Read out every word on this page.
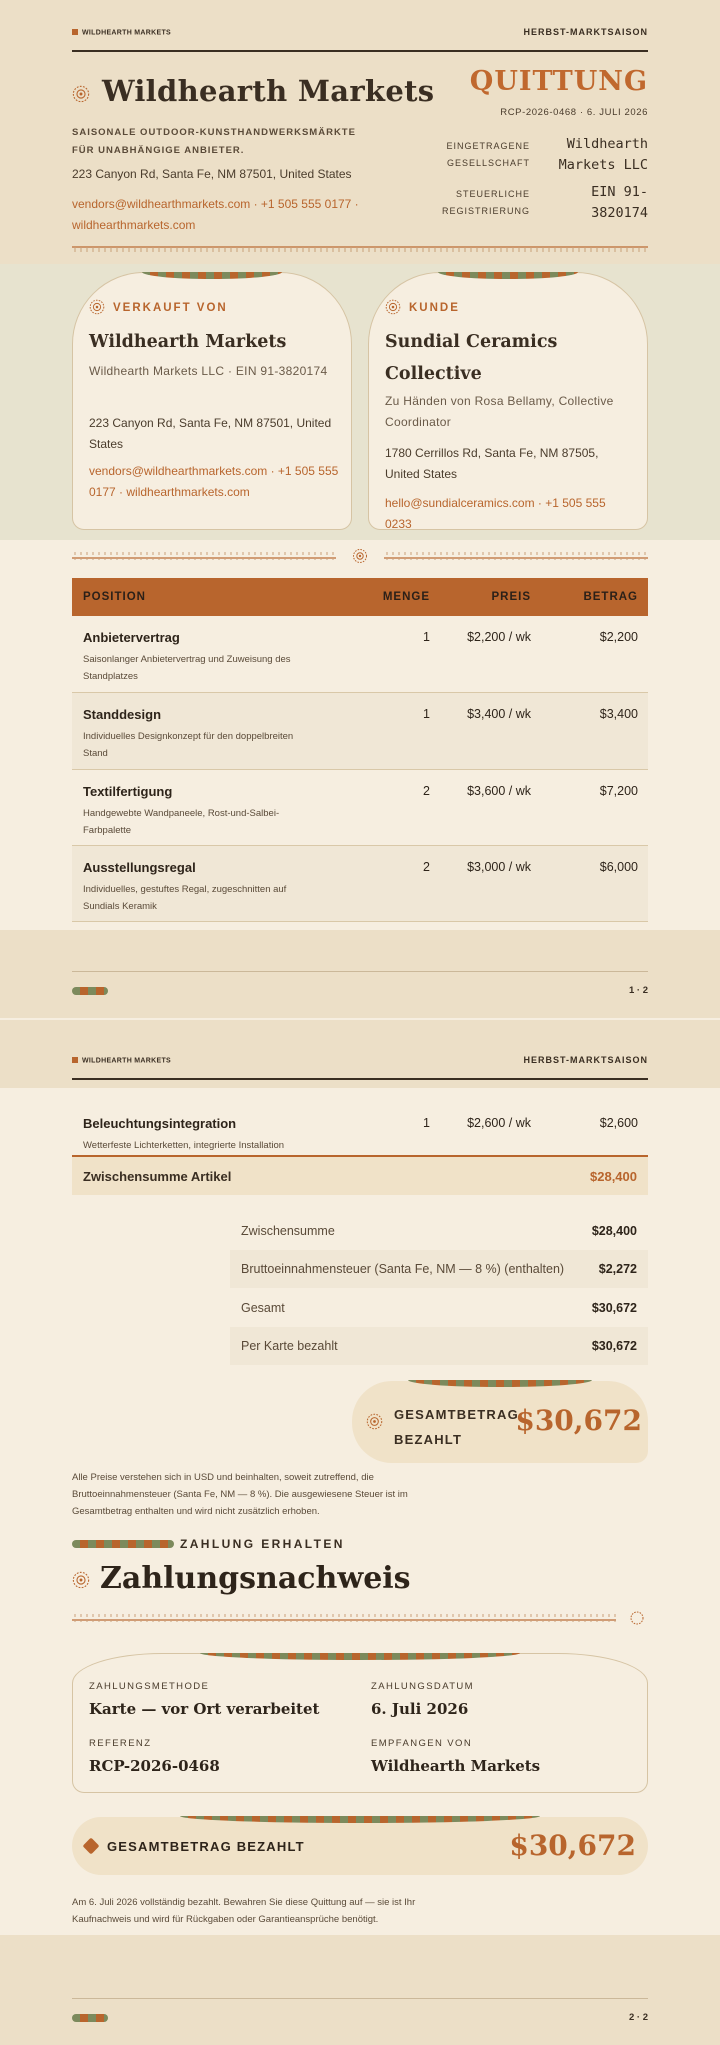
WILDHEARTH MARKETS	HERBST-MARKTSAISON
Wildhearth Markets
SAISONALE OUTDOOR-KUNSTHANDWERKSMÄRKTE FÜR UNABHÄNGIGE ANBIETER.
223 Canyon Rd, Santa Fe, NM 87501, United States
vendors@wildhearthmarkets.com · +1 505 555 0177 · wildhearthmarkets.com
QUITTUNG
RCP-2026-0468 · 6. JULI 2026
EINGETRAGENE GESELLSCHAFT
Wildhearth Markets LLC
STEUERLICHE REGISTRIERUNG
EIN 91-3820174
VERKAUFT VON
Wildhearth Markets
Wildhearth Markets LLC · EIN 91-3820174
223 Canyon Rd, Santa Fe, NM 87501, United States
vendors@wildhearthmarkets.com · +1 505 555 0177 · wildhearthmarkets.com
KUNDE
Sundial Ceramics Collective
Zu Händen von Rosa Bellamy, Collective Coordinator
1780 Cerrillos Rd, Santa Fe, NM 87505, United States
hello@sundialceramics.com · +1 505 555 0233
POSITION	MENGE	PREIS	BETRAG
Anbietervertrag
Saisonlanger Anbietervertrag und Zuweisung des Standplatzes
1	$2,200 / wk	$2,200
Standdesign
Individuelles Designkonzept für den doppelbreiten Stand
1	$3,400 / wk	$3,400
Textilfertigung
Handgewebte Wandpaneele, Rost-und-Salbei-Farbpalette
2	$3,600 / wk	$7,200
Ausstellungsregal
Individuelles, gestuftes Regal, zugeschnitten auf Sundials Keramik
2	$3,000 / wk	$6,000
1 · 2
WILDHEARTH MARKETS	HERBST-MARKTSAISON
Beleuchtungsintegration
Wetterfeste Lichterketten, integrierte Installation
1	$2,600 / wk	$2,600
Zwischensumme Artikel	$28,400
Zwischensumme	$28,400
Bruttoeinnahmensteuer (Santa Fe, NM — 8 %) (enthalten)	$2,272
Gesamt	$30,672
Per Karte bezahlt	$30,672
GESAMTBETRAG BEZAHLT
$30,672
Alle Preise verstehen sich in USD und beinhalten, soweit zutreffend, die Bruttoeinnahmensteuer (Santa Fe, NM — 8 %). Die ausgewiesene Steuer ist im Gesamtbetrag enthalten und wird nicht zusätzlich erhoben.
ZAHLUNG ERHALTEN
Zahlungsnachweis
ZAHLUNGSMETHODE
Karte — vor Ort verarbeitet
ZAHLUNGSDATUM
6. Juli 2026
REFERENZ
RCP-2026-0468
EMPFANGEN VON
Wildhearth Markets
GESAMTBETRAG BEZAHLT	$30,672
Am 6. Juli 2026 vollständig bezahlt. Bewahren Sie diese Quittung auf — sie ist Ihr Kaufnachweis und wird für Rückgaben oder Garantieansprüche benötigt.
2 · 2
